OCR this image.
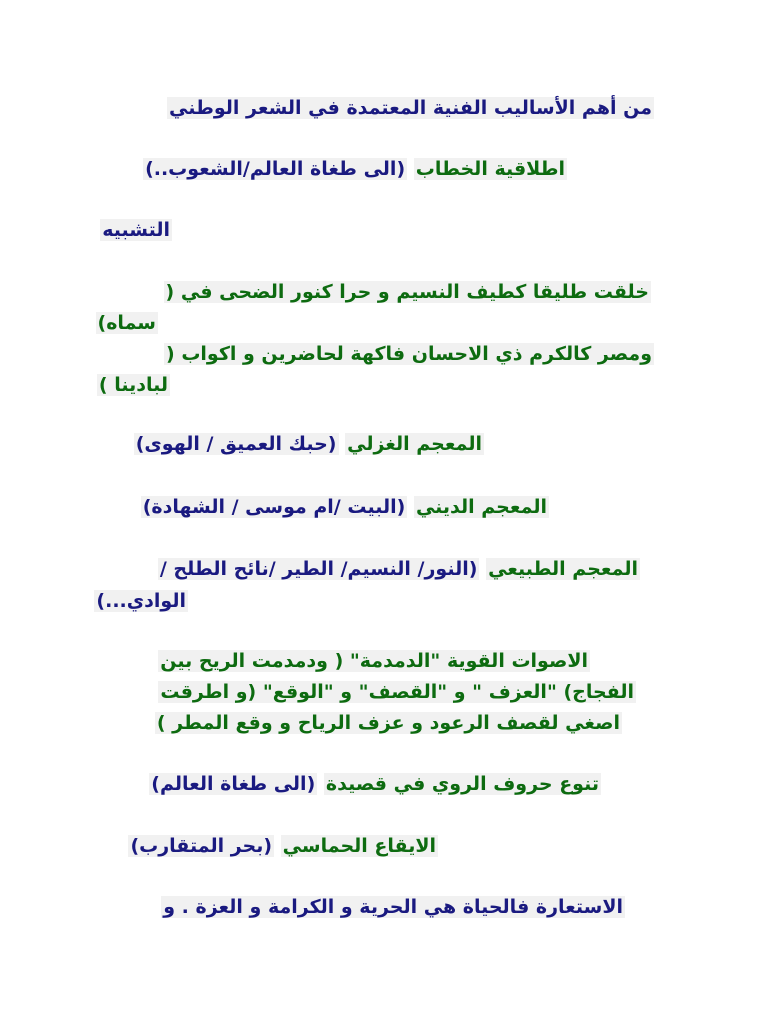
من أهم الأساليب الفنية المعتمدة في الشعر الوطني
اطلاقية الخطاب (الى طغاة العالم/الشعوب..)
التشبيه
خلقت طليقا كطيف النسيم و حرا كنور الضحى في (
سماه)
ومصر كالكرم ذي الاحسان فاكهة لحاضرين و اكواب (
لبادينا )
المعجم الغزلي (حبك العميق / الهوى)
المعجم الديني (البيت /ام موسى / الشهادة)
المعجم الطبيعي (النور/ النسيم/ الطير /نائح الطلح /
الوادي...)
الاصوات القوية "الدمدمة" ( ودمدمت الريح بين
الفجاج) "العزف " و "القصف" و "الوقع" (و اطرقت
اصغي لقصف الرعود و عزف الرياح و وقع المطر )
تنوع حروف الروي في قصيدة (الى طغاة العالم)
الايقاع الحماسي (بحر المتقارب)
الاستعارة فالحياة هي الحرية و الكرامة و العزة . و
